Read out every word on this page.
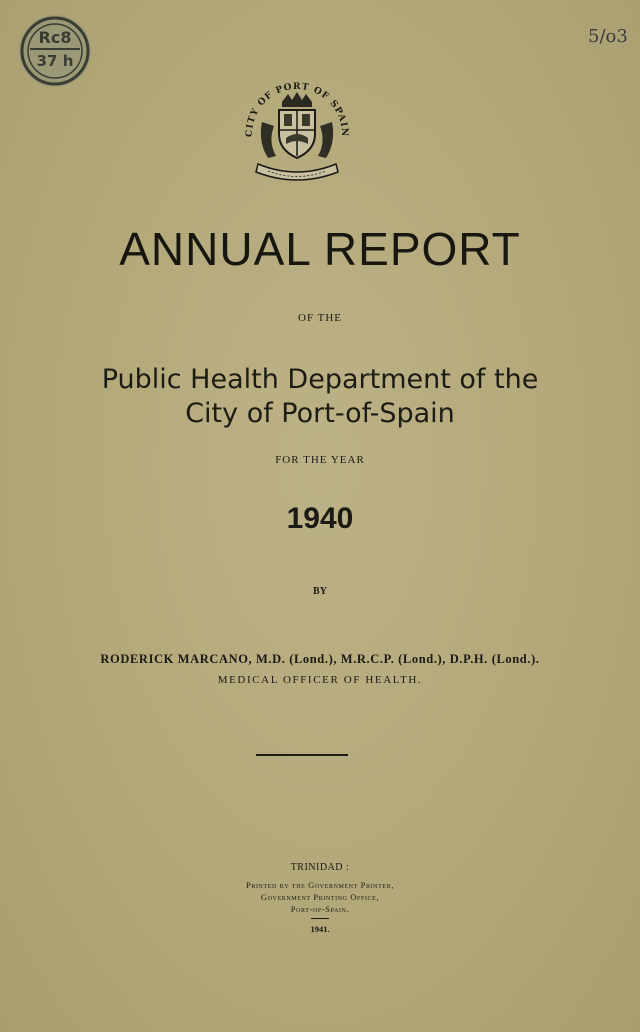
Rc8
37 h
5/o3
CITY OF PORT OF SPAIN
ANNUAL REPORT
OF THE
Public Health Department of the
City of Port-of-Spain
FOR THE YEAR
1940
BY
RODERICK MARCANO, M.D. (Lond.), M.R.C.P. (Lond.), D.P.H. (Lond.).
MEDICAL OFFICER OF HEALTH.
TRINIDAD :
Printed by the Government Printer,
Government Printing Office,
Port-of-Spain.
1941.
